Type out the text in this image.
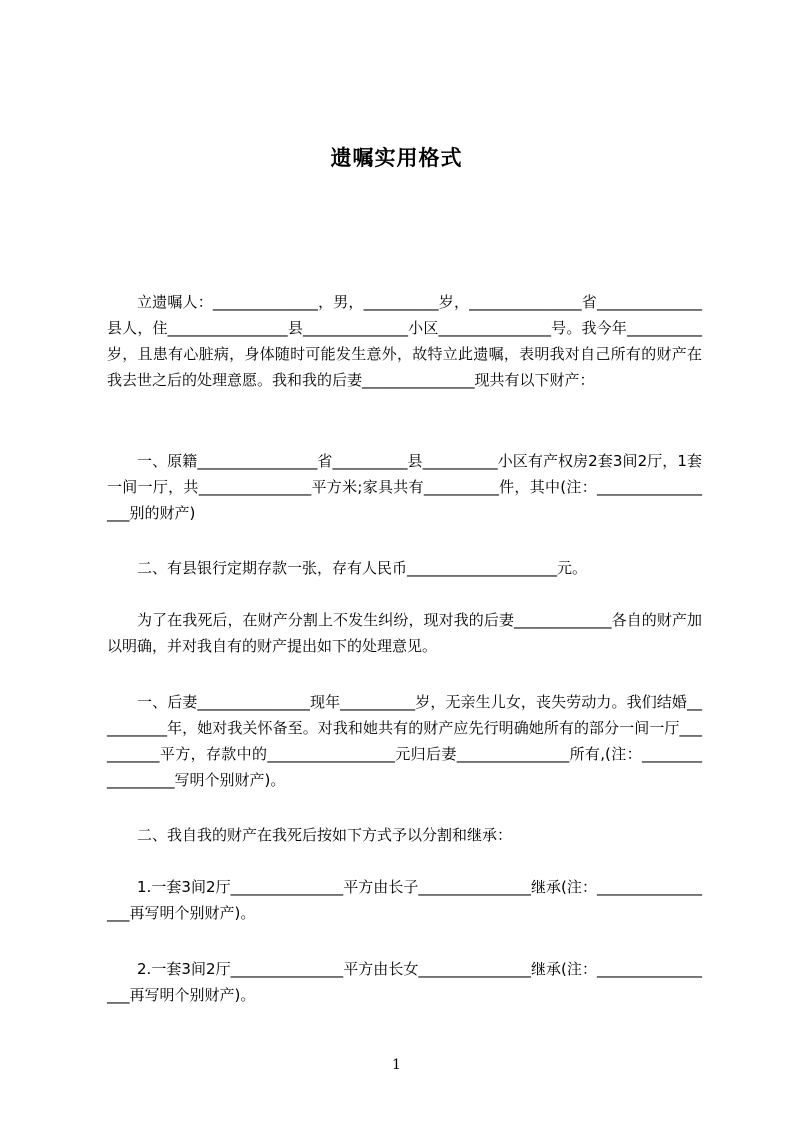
遗嘱实用格式

立遗嘱人：______________，男，__________岁，_______________省______________县人，住________________县______________小区_______________号。我今年__________岁，且患有心脏病，身体随时可能发生意外，故特立此遗嘱，表明我对自己所有的财产在我去世之后的处理意愿。我和我的后妻_______________现共有以下财产：

一、原籍________________省__________县__________小区有产权房2套3间2厅，1套一间一厅，共_______________平方米;家具共有__________件，其中(注：_________________别的财产)

二、有县银行定期存款一张，存有人民币____________________元。

为了在我死后，在财产分割上不发生纠纷，现对我的后妻_____________各自的财产加以明确，并对我自有的财产提出如下的处理意见。

一、后妻_______________现年__________岁，无亲生儿女，丧失劳动力。我们结婚__________年，她对我关怀备至。对我和她共有的财产应先行明确她所有的部分一间一厅__________平方，存款中的_________________元归后妻_______________所有,(注：_________________写明个别财产)。

二、我自我的财产在我死后按如下方式予以分割和继承：

1.一套3间2厅_______________平方由长子_______________继承(注：_________________再写明个别财产)。

2.一套3间2厅_______________平方由长女_______________继承(注：_________________再写明个别财产)。

1
